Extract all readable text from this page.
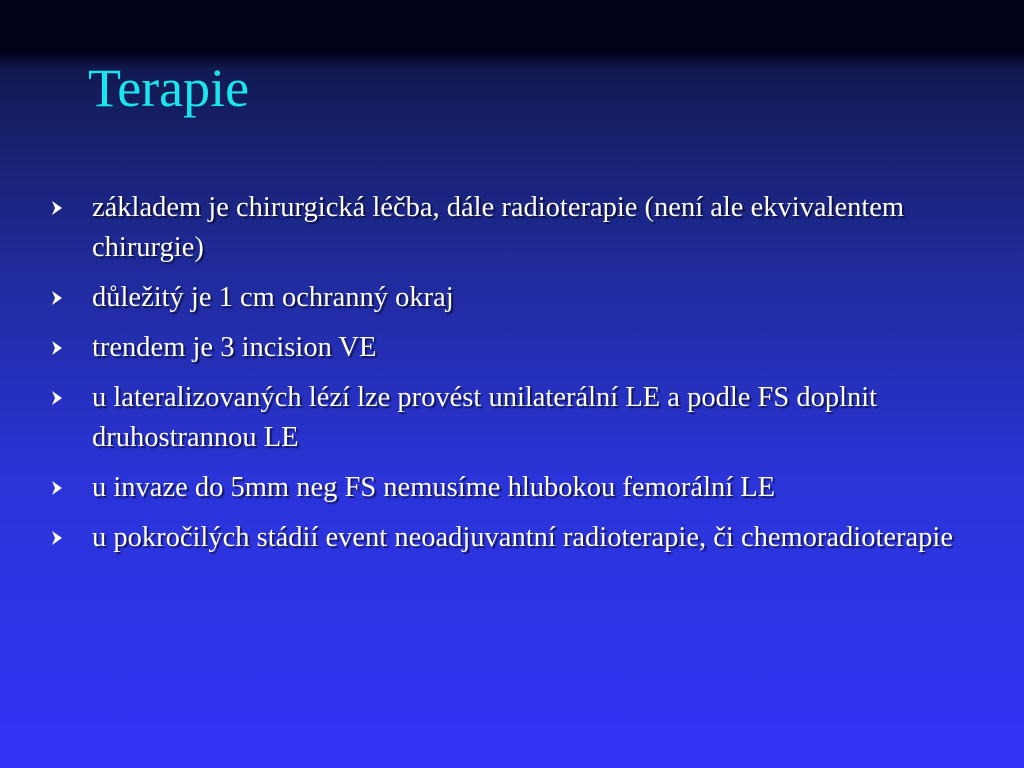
Terapie
základem je chirurgická léčba, dále radioterapie (není ale ekvivalentem chirurgie)
důležitý je 1 cm ochranný okraj
trendem je 3 incision VE
u lateralizovaných lézí lze provést unilaterální LE a podle FS doplnit druhostrannou LE
u invaze do 5mm neg FS nemusíme hlubokou femorální LE
u pokročilých stádií event neoadjuvantní radioterapie, či chemoradioterapie
